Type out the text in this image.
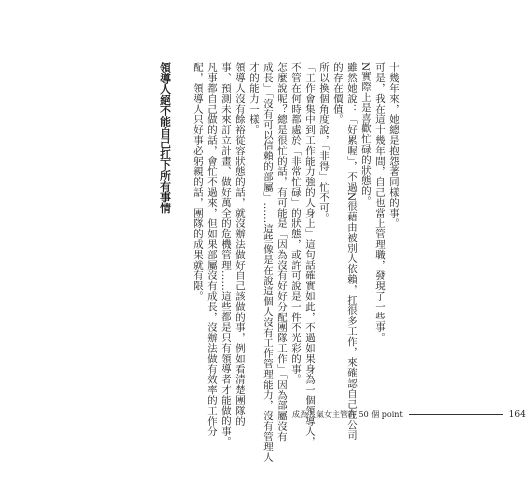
十幾年來，她總是抱怨著同樣的事。
可是，我在這十幾年間，自己也當上管理職，發現了一些事。
N實際上是喜歡忙碌的狀態的。
雖然她說：「好累喔」，不過N很藉由被別人依賴，扛很多工作，來確認自己在公司
的存在價值。
所以換個角度說，「非得」忙不可。
「工作會集中到工作能力強的人身上」這句話確實如此，不過如果身為一個領導人，
不管在何時都處於「非常忙碌」的狀態，或許可說是一件不光彩的事。
怎麼說呢？總是很忙的話，有可能是「因為沒有好好分配團隊工作」「因為部屬沒有
成長」「沒有可以信賴的部屬」……這些像是在說這個人沒有工作管理能力，沒有管理人
才的能力一樣。
領導人沒有餘裕從容狀態的話，就沒辦法做好自己該做的事，例如看清楚團隊的
事、預測未來訂立計畫、做好萬全的危機管理……這些都是只有領導者才能做的事。
凡事都自己做的話，會忙不過來，但如果部屬沒有成長，沒辦法做有效率的工作分
配，領導人只好事必躬親的話，團隊的成果就有限。
領導人絕不能自己扛下所有事情
成為人氣女主管的 50 個 point	164
